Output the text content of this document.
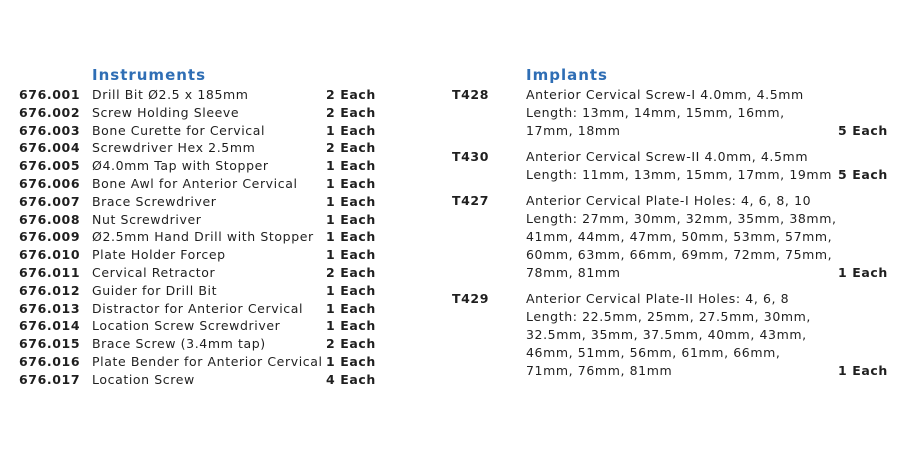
Instruments	Implants
676.001 Drill Bit Ø2.5 x 185mm	2 Each
676.002 Screw Holding Sleeve	2 Each
676.003 Bone Curette for Cervical	1 Each
676.004 Screwdriver Hex 2.5mm	2 Each
676.005 Ø4.0mm Tap with Stopper	1 Each
676.006 Bone Awl for Anterior Cervical 1 Each
676.007 Brace Screwdriver	1 Each
676.008 Nut Screwdriver	1 Each
676.009 Ø2.5mm Hand Drill with Stopper 1 Each
676.010 Plate Holder Forcep	1 Each
676.011 Cervical Retractor	2 Each
676.012 Guider for Drill Bit	1 Each
676.013 Distractor for Anterior Cervical 1 Each
676.014 Location Screw Screwdriver	1 Each
676.015 Brace Screw (3.4mm tap)	2 Each
676.016 Plate Bender for Anterior Cervical 1 Each
676.017 Location Screw	4 Each
T428	Anterior Cervical Screw-I 4.0mm, 4.5mm
Length: 13mm, 14mm, 15mm, 16mm,
17mm, 18mm	5 Each
T430	Anterior Cervical Screw-II 4.0mm, 4.5mm
Length: 11mm, 13mm, 15mm, 17mm, 19mm 5 Each
T427	Anterior Cervical Plate-I Holes: 4, 6, 8, 10
Length: 27mm, 30mm, 32mm, 35mm, 38mm,
41mm, 44mm, 47mm, 50mm, 53mm, 57mm,
60mm, 63mm, 66mm, 69mm, 72mm, 75mm,
78mm, 81mm	1 Each
T429	Anterior Cervical Plate-II Holes: 4, 6, 8
Length: 22.5mm, 25mm, 27.5mm, 30mm,
32.5mm, 35mm, 37.5mm, 40mm, 43mm,
46mm, 51mm, 56mm, 61mm, 66mm,
71mm, 76mm, 81mm	1 Each
